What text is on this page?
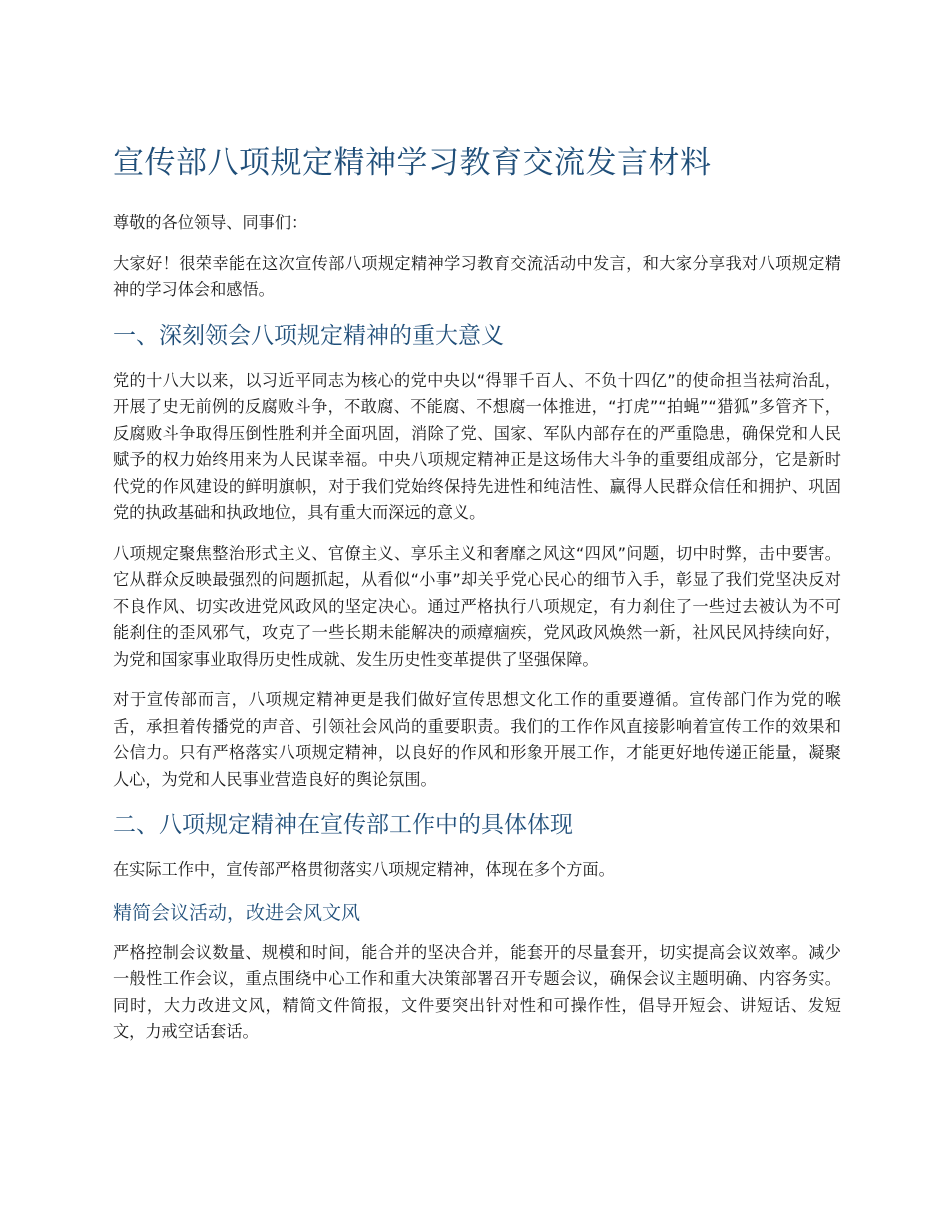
宣传部八项规定精神学习教育交流发言材料

尊敬的各位领导、同事们：

大家好！很荣幸能在这次宣传部八项规定精神学习教育交流活动中发言，和大家分享我对八项规定精神的学习体会和感悟。

一、深刻领会八项规定精神的重大意义

党的十八大以来，以习近平同志为核心的党中央以“得罪千百人、不负十四亿”的使命担当祛疴治乱，开展了史无前例的反腐败斗争，不敢腐、不能腐、不想腐一体推进，“打虎”“拍蝇”“猎狐”多管齐下，反腐败斗争取得压倒性胜利并全面巩固，消除了党、国家、军队内部存在的严重隐患，确保党和人民赋予的权力始终用来为人民谋幸福。中央八项规定精神正是这场伟大斗争的重要组成部分，它是新时代党的作风建设的鲜明旗帜，对于我们党始终保持先进性和纯洁性、赢得人民群众信任和拥护、巩固党的执政基础和执政地位，具有重大而深远的意义。

八项规定聚焦整治形式主义、官僚主义、享乐主义和奢靡之风这“四风”问题，切中时弊，击中要害。它从群众反映最强烈的问题抓起，从看似“小事”却关乎党心民心的细节入手，彰显了我们党坚决反对不良作风、切实改进党风政风的坚定决心。通过严格执行八项规定，有力刹住了一些过去被认为不可能刹住的歪风邪气，攻克了一些长期未能解决的顽瘴痼疾，党风政风焕然一新，社风民风持续向好，为党和国家事业取得历史性成就、发生历史性变革提供了坚强保障。

对于宣传部而言，八项规定精神更是我们做好宣传思想文化工作的重要遵循。宣传部门作为党的喉舌，承担着传播党的声音、引领社会风尚的重要职责。我们的工作作风直接影响着宣传工作的效果和公信力。只有严格落实八项规定精神，以良好的作风和形象开展工作，才能更好地传递正能量，凝聚人心，为党和人民事业营造良好的舆论氛围。

二、八项规定精神在宣传部工作中的具体体现

在实际工作中，宣传部严格贯彻落实八项规定精神，体现在多个方面。

精简会议活动，改进会风文风

严格控制会议数量、规模和时间，能合并的坚决合并，能套开的尽量套开，切实提高会议效率。减少一般性工作会议，重点围绕中心工作和重大决策部署召开专题会议，确保会议主题明确、内容务实。同时，大力改进文风，精简文件简报，文件要突出针对性和可操作性，倡导开短会、讲短话、发短文，力戒空话套话。
